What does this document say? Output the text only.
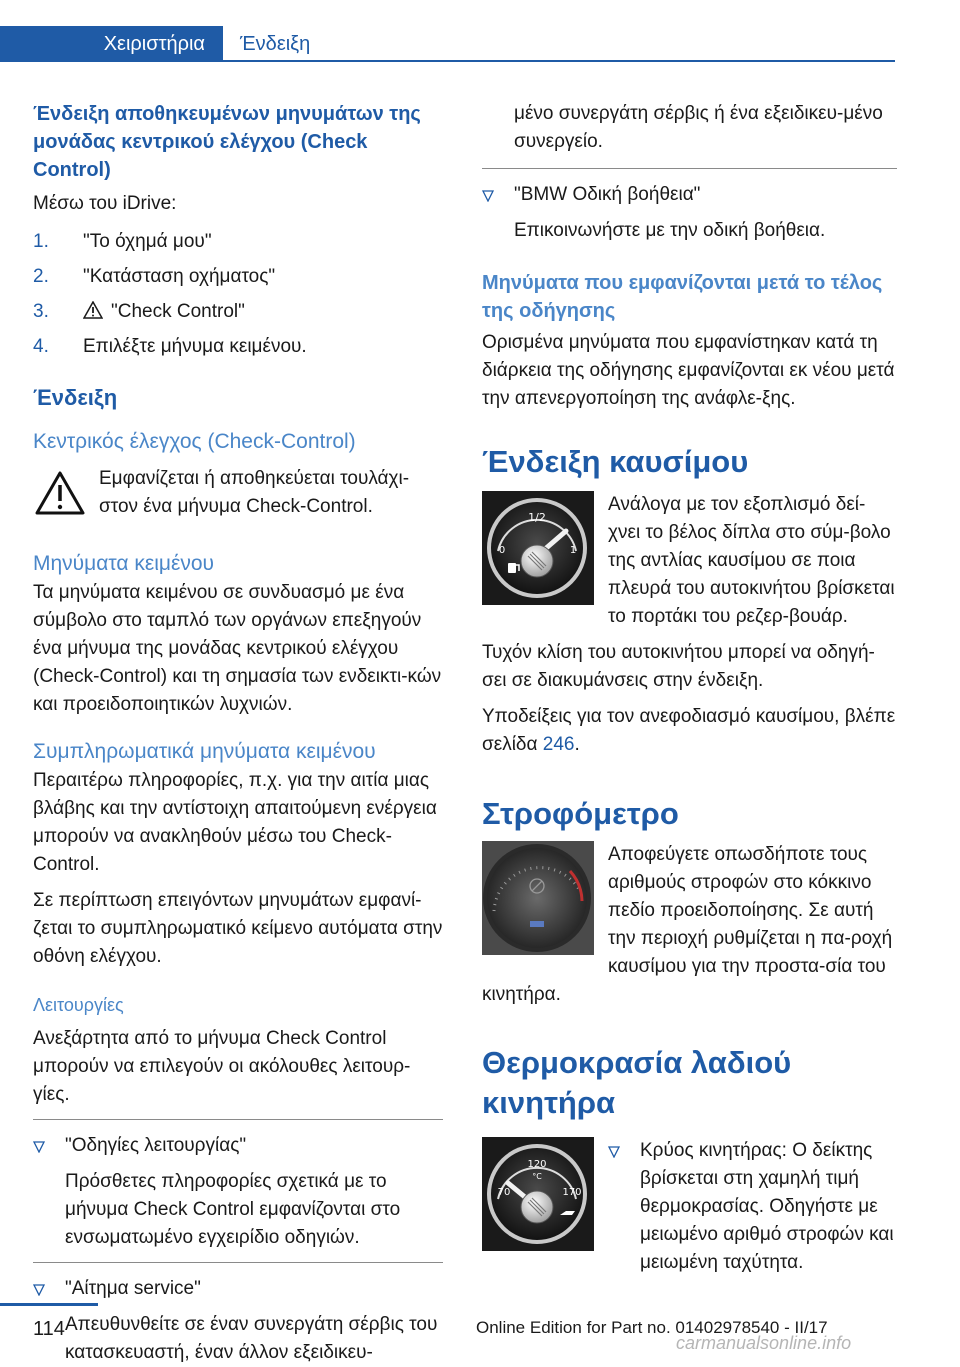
Χειριστήρια	Ένδειξη
Ένδειξη αποθηκευμένων μηνυμάτων της μονάδας κεντρικού ελέγχου (Check Control)

Μέσω του iDrive:

1. "Το όχημά μου"
2. "Κατάσταση οχήματος"
3.	"Check Control"
4. Επιλέξτε μήνυμα κειμένου.
Ένδειξη
Κεντρικός έλεγχος (Check-Control)

Εμφανίζεται ή αποθηκεύεται τουλάχι-στον ένα μήνυμα Check-Control.

Μηνύματα κειμένου

Τα μηνύματα κειμένου σε συνδυασμό με ένα σύμβολο στο ταμπλό των οργάνων επεξηγούν ένα μήνυμα της μονάδας κεντρικού ελέγχου (Check-Control) και τη σημασία των ενδεικτι-κών και προειδοποιητικών λυχνιών.

Συμπληρωματικά μηνύματα κειμένου

Περαιτέρω πληροφορίες, π.χ. για την αιτία μιας βλάβης και την αντίστοιχη απαιτούμενη ενέργεια μπορούν να ανακληθούν μέσω του Check-Control.

Σε περίπτωση επειγόντων μηνυμάτων εμφανί-ζεται το συμπληρωματικό κείμενο αυτόματα στην οθόνη ελέγχου.

Λειτουργίες

Ανεξάρτητα από το μήνυμα Check Control μπορούν να επιλεγούν οι ακόλουθες λειτουρ-γίες.

"Οδηγίες λειτουργίας"

Πρόσθετες πληροφορίες σχετικά με το μήνυμα Check Control εμφανίζονται στο ενσωματωμένο εγχειρίδιο οδηγιών.

"Αίτημα service"

Απευθυνθείτε σε έναν συνεργάτη σέρβις του κατασκευαστή, έναν άλλον εξειδικευ-

μένο συνεργάτη σέρβις ή ένα εξειδικευ-μένο συνεργείο.

"BMW Οδική βοήθεια"

Επικοινωνήστε με την οδική βοήθεια.

Μηνύματα που εμφανίζονται μετά το τέλος της οδήγησης

Ορισμένα μηνύματα που εμφανίστηκαν κατά τη διάρκεια της οδήγησης εμφανίζονται εκ νέου μετά την απενεργοποίηση της ανάφλε-ξης.

Ένδειξη καυσίμου
1/2
0	1

Ανάλογα με τον εξοπλισμό δεί-χνει το βέλος δίπλα στο σύμ-βολο της αντλίας καυσίμου σε ποια πλευρά του αυτοκινήτου βρίσκεται το πορτάκι του ρεζερ-βουάρ.

Τυχόν κλίση του αυτοκινήτου μπορεί να οδηγή-σει σε διακυμάνσεις στην ένδειξη.

Υποδείξεις για τον ανεφοδιασμό καυσίμου, βλέπε σελίδα 246.

Στροφόμετρο

Αποφεύγετε οπωσδήποτε τους αριθμούς στροφών στο κόκκινο πεδίο προειδοποίησης. Σε αυτή την περιοχή ρυθμίζεται η πα-ροχή καυσίμου για την προστα-σία του κινητήρα.

Θερμοκρασία λαδιού κινητήρα
120
°C
70	170
Κρύος κινητήρας: Ο δείκτης βρίσκεται στη χαμηλή τιμή θερμοκρασίας. Οδηγήστε με μειωμένο αριθμό στροφών και μειωμένη ταχύτητα.
114	Online Edition for Part no. 01402978540 - II/17
carmanualsonline.info
